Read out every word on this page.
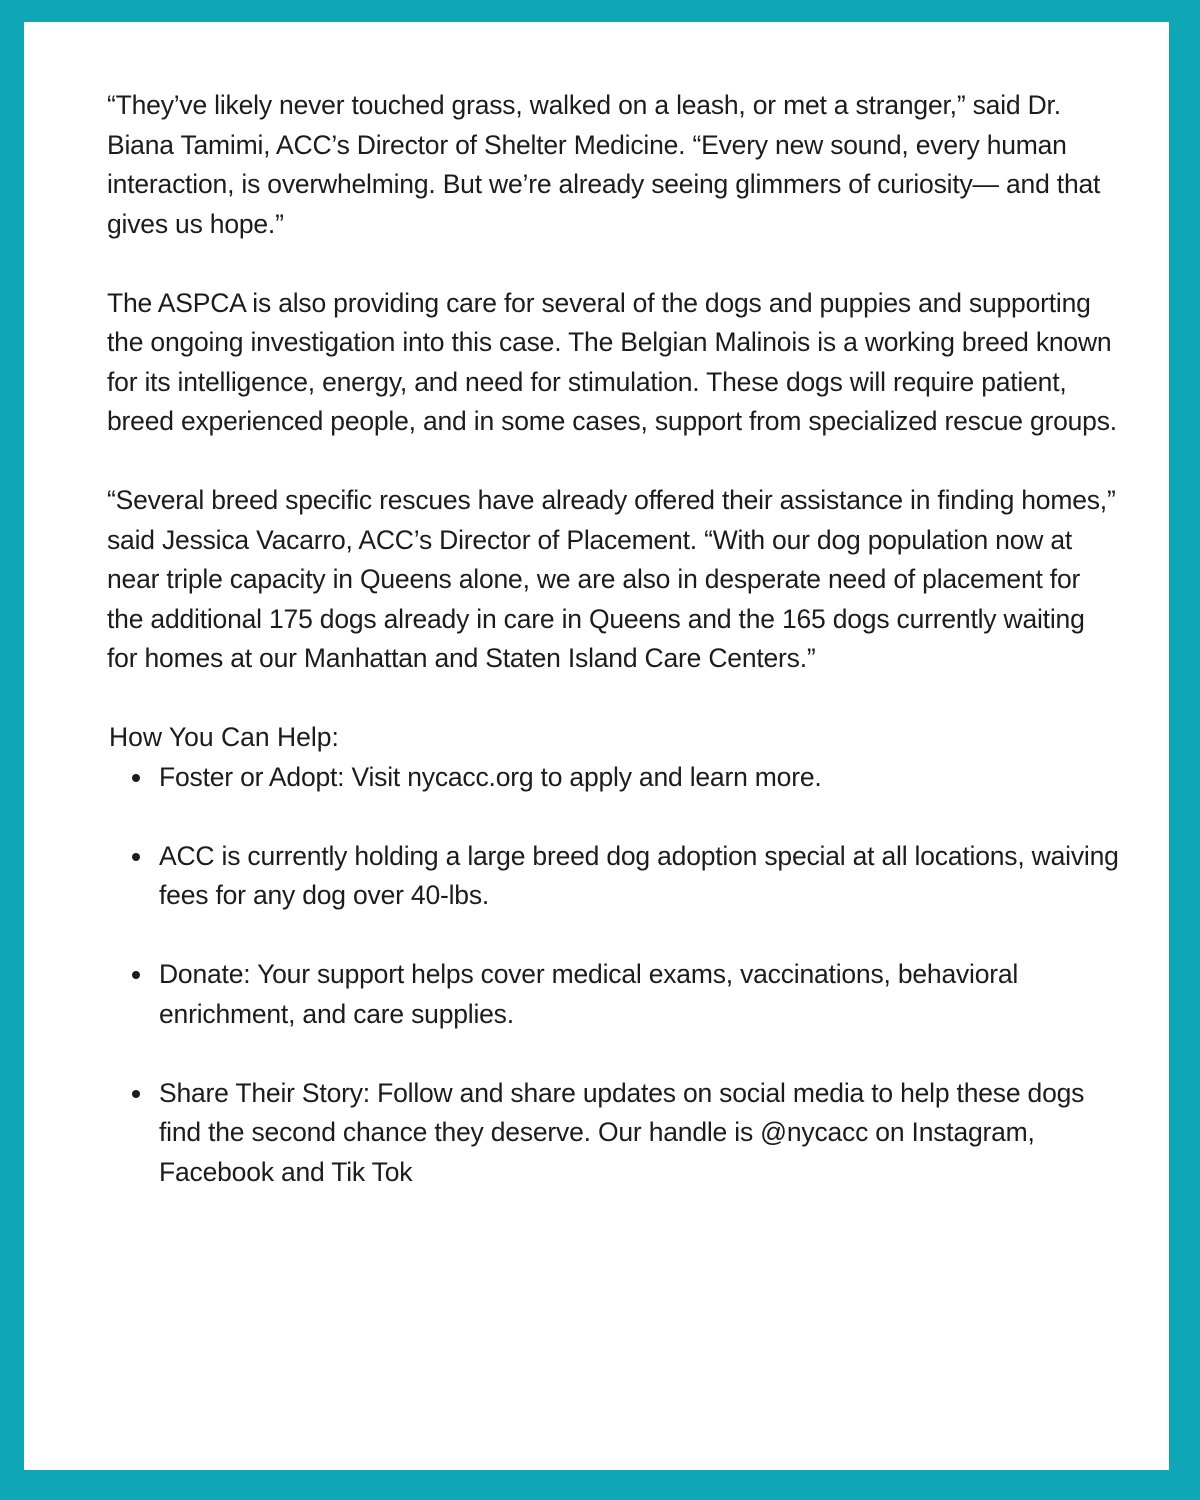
“They’ve likely never touched grass, walked on a leash, or met a stranger,” said Dr. Biana Tamimi, ACC’s Director of Shelter Medicine. “Every new sound, every human interaction, is overwhelming. But we’re already seeing glimmers of curiosity— and that gives us hope.”

The ASPCA is also providing care for several of the dogs and puppies and supporting the ongoing investigation into this case. The Belgian Malinois is a working breed known for its intelligence, energy, and need for stimulation. These dogs will require patient, breed experienced people, and in some cases, support from specialized rescue groups.

“Several breed specific rescues have already offered their assistance in finding homes,” said Jessica Vacarro, ACC’s Director of Placement. “With our dog population now at near triple capacity in Queens alone, we are also in desperate need of placement for the additional 175 dogs already in care in Queens and the 165 dogs currently waiting for homes at our Manhattan and Staten Island Care Centers.”

How You Can Help:

Foster or Adopt: Visit nycacc.org to apply and learn more.
ACC is currently holding a large breed dog adoption special at all locations, waiving fees for any dog over 40-lbs.
Donate: Your support helps cover medical exams, vaccinations, behavioral enrichment, and care supplies.
Share Their Story: Follow and share updates on social media to help these dogs find the second chance they deserve. Our handle is @nycacc on Instagram, Facebook and Tik Tok
